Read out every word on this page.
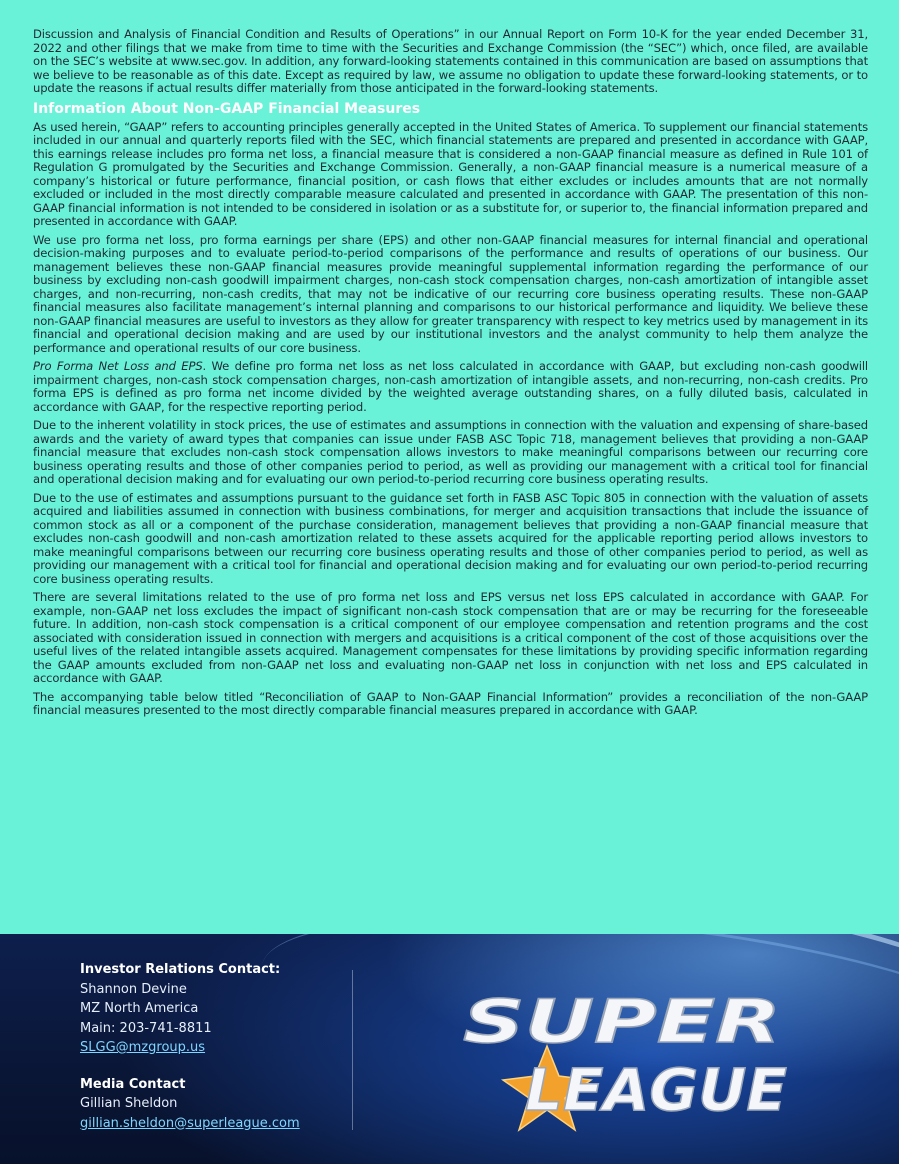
Discussion and Analysis of Financial Condition and Results of Operations” in our Annual Report on Form 10-K for the year ended December 31, 2022 and other filings that we make from time to time with the Securities and Exchange Commission (the “SEC”) which, once filed, are available on the SEC’s website at www.sec.gov. In addition, any forward-looking statements contained in this communication are based on assumptions that we believe to be reasonable as of this date. Except as required by law, we assume no obligation to update these forward-looking statements, or to update the reasons if actual results differ materially from those anticipated in the forward-looking statements.

Information About Non-GAAP Financial Measures

As used herein, “GAAP” refers to accounting principles generally accepted in the United States of America. To supplement our financial statements included in our annual and quarterly reports filed with the SEC, which financial statements are prepared and presented in accordance with GAAP, this earnings release includes pro forma net loss, a financial measure that is considered a non-GAAP financial measure as defined in Rule 101 of Regulation G promulgated by the Securities and Exchange Commission. Generally, a non-GAAP financial measure is a numerical measure of a company’s historical or future performance, financial position, or cash flows that either excludes or includes amounts that are not normally excluded or included in the most directly comparable measure calculated and presented in accordance with GAAP. The presentation of this non-GAAP financial information is not intended to be considered in isolation or as a substitute for, or superior to, the financial information prepared and presented in accordance with GAAP.

We use pro forma net loss, pro forma earnings per share (EPS) and other non-GAAP financial measures for internal financial and operational decision-making purposes and to evaluate period-to-period comparisons of the performance and results of operations of our business. Our management believes these non-GAAP financial measures provide meaningful supplemental information regarding the performance of our business by excluding non-cash goodwill impairment charges, non-cash stock compensation charges, non-cash amortization of intangible asset charges, and non-recurring, non-cash credits, that may not be indicative of our recurring core business operating results. These non-GAAP financial measures also facilitate management’s internal planning and comparisons to our historical performance and liquidity. We believe these non-GAAP financial measures are useful to investors as they allow for greater transparency with respect to key metrics used by management in its financial and operational decision making and are used by our institutional investors and the analyst community to help them analyze the performance and operational results of our core business.

Pro Forma Net Loss and EPS. We define pro forma net loss as net loss calculated in accordance with GAAP, but excluding non-cash goodwill impairment charges, non-cash stock compensation charges, non-cash amortization of intangible assets, and non-recurring, non-cash credits. Pro forma EPS is defined as pro forma net income divided by the weighted average outstanding shares, on a fully diluted basis, calculated in accordance with GAAP, for the respective reporting period.

Due to the inherent volatility in stock prices, the use of estimates and assumptions in connection with the valuation and expensing of share-based awards and the variety of award types that companies can issue under FASB ASC Topic 718, management believes that providing a non-GAAP financial measure that excludes non-cash stock compensation allows investors to make meaningful comparisons between our recurring core business operating results and those of other companies period to period, as well as providing our management with a critical tool for financial and operational decision making and for evaluating our own period-to-period recurring core business operating results.

Due to the use of estimates and assumptions pursuant to the guidance set forth in FASB ASC Topic 805 in connection with the valuation of assets acquired and liabilities assumed in connection with business combinations, for merger and acquisition transactions that include the issuance of common stock as all or a component of the purchase consideration, management believes that providing a non-GAAP financial measure that excludes non-cash goodwill and non-cash amortization related to these assets acquired for the applicable reporting period allows investors to make meaningful comparisons between our recurring core business operating results and those of other companies period to period, as well as providing our management with a critical tool for financial and operational decision making and for evaluating our own period-to-period recurring core business operating results.

There are several limitations related to the use of pro forma net loss and EPS versus net loss EPS calculated in accordance with GAAP. For example, non-GAAP net loss excludes the impact of significant non-cash stock compensation that are or may be recurring for the foreseeable future. In addition, non-cash stock compensation is a critical component of our employee compensation and retention programs and the cost associated with consideration issued in connection with mergers and acquisitions is a critical component of the cost of those acquisitions over the useful lives of the related intangible assets acquired. Management compensates for these limitations by providing specific information regarding the GAAP amounts excluded from non-GAAP net loss and evaluating non-GAAP net loss in conjunction with net loss and EPS calculated in accordance with GAAP.

The accompanying table below titled “Reconciliation of GAAP to Non-GAAP Financial Information” provides a reconciliation of the non-GAAP financial measures presented to the most directly comparable financial measures prepared in accordance with GAAP.

Investor Relations Contact:
Shannon Devine
MZ North America
Main: 203-741-8811
SLGG@mzgroup.us
Media Contact
Gillian Sheldon
gillian.sheldon@superleague.com
SUPER
LEAGUE
